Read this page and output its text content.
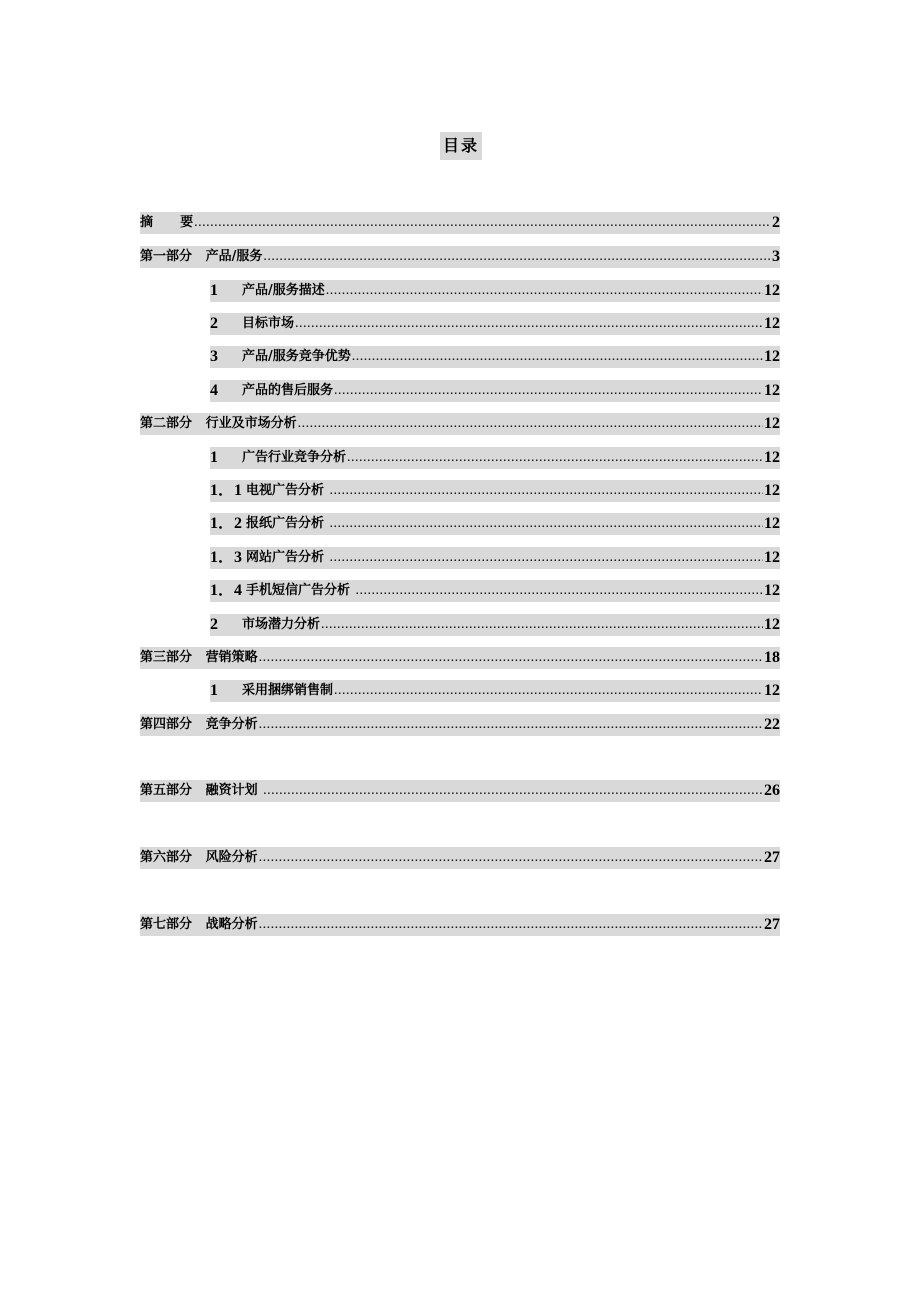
目录
摘      要 .....	2
第一部分   产品/服务 .....	3
1 产品/服务描述 .....	12
2 目标市场 .....	12
3 产品/服务竞争优势 .....	12
4 产品的售后服务 .....	12
第二部分   行业及市场分析 .....	12
1 广告行业竞争分析 .....	12
1．1 电视广告分析 .....	12
1．2 报纸广告分析 .....	12
1．3 网站广告分析 .....	12
1．4 手机短信广告分析 .....	12
2 市场潜力分析 .....	12
第三部分   营销策略 .....	18
1 采用捆绑销售制 .....	12
第四部分   竞争分析 .....	22
第五部分   融资计划 .....	26
第六部分   风险分析 .....	27
第七部分   战略分析 .....	27
